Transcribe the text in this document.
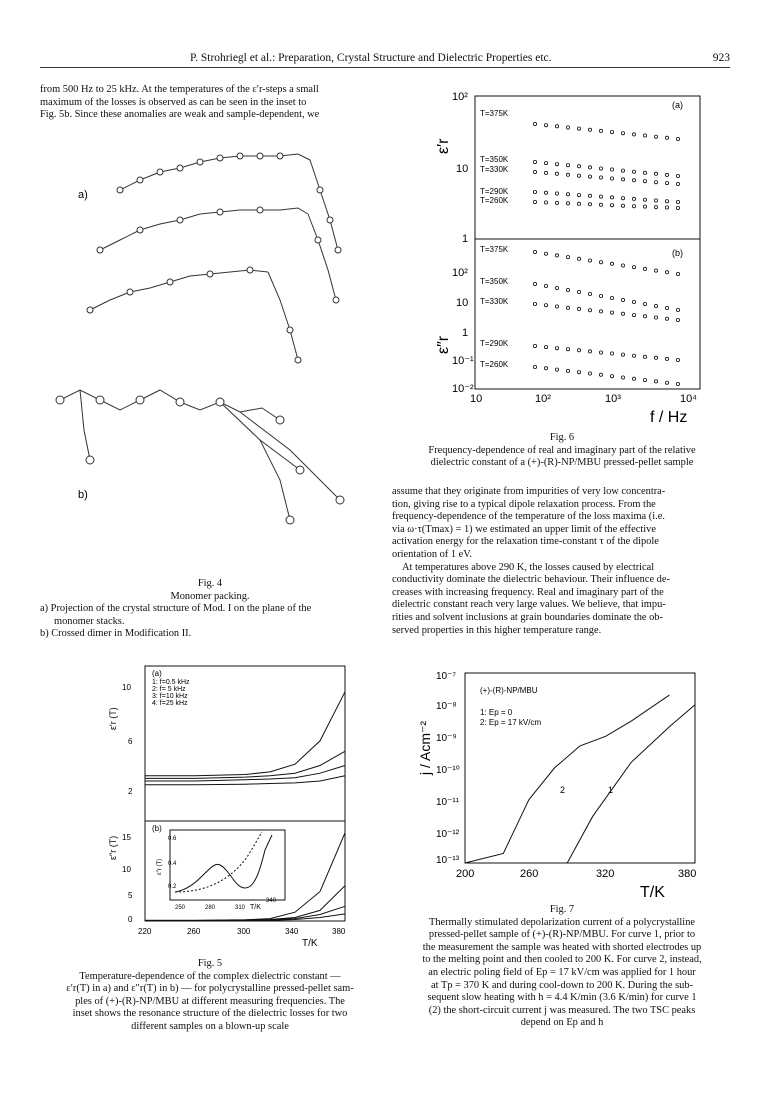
P. Strohriegl et al.: Preparation, Crystal Structure and Dielectric Properties etc.	923

from 500 Hz to 25 kHz. At the temperatures of the ε′r-steps a small

maximum of the losses is observed as can be seen in the inset to

Fig. 5b. Since these anomalies are weak and sample-dependent, we

a)
b)
Fig. 4
Monomer packing.
a) Projection of the crystal structure of Mod. I on the plane of the
monomer stacks.
b) Crossed dimer in Modification II.
(a)
1: f=0.5 kHz
2: f= 5 kHz
3: f=10 kHz
4: f=25 kHz
10
6
2
15
10
5
0
ε′r (T)
ε″r (T)
(b)
0.6
0.4
0.2
250	280	310
340
T/K
ε″r (T)
220	260	300	340	380
T/K
Fig. 5
Temperature-dependence of the complex dielectric constant —
ε′r(T) in a) and ε″r(T) in b) — for polycrystalline pressed-pellet sam-
ples of (+)-(R)-NP/MBU at different measuring frequencies. The
inset shows the resonance structure of the dielectric losses for two
different samples on a blown-up scale
10²
10
1
ε′r
(a)
T=375K
T=350K
T=330K
T=290K
T=260K
10²
10
1
10⁻¹
10⁻²
ε″r
(b)
T=375K
T=350K
T=330K
T=290K
T=260K
10	10²	10³	10⁴
f / Hz
Fig. 6
Frequency-dependence of real and imaginary part of the relative
dielectric constant of a (+)-(R)-NP/MBU pressed-pellet sample

assume that they originate from impurities of very low concentra-

tion, giving rise to a typical dipole relaxation process. From the

frequency-dependence of the temperature of the loss maxima (i.e.

via ω·τ(Tmax) = 1) we estimated an upper limit of the effective

activation energy for the relaxation time-constant τ of the dipole

orientation of 1 eV.

At temperatures above 290 K, the losses caused by electrical

conductivity dominate the dielectric behaviour. Their influence de-

creases with increasing frequency. Real and imaginary part of the

dielectric constant reach very large values. We believe, that impu-

rities and solvent inclusions at grain boundaries dominate the ob-

served properties in this higher temperature range.

10⁻⁷
10⁻⁸
10⁻⁹
10⁻¹⁰
10⁻¹¹
10⁻¹²
10⁻¹³
j / Acm⁻²
(+)-(R)-NP/MBU
1: Ep = 0
2: Ep = 17 kV/cm
1
2
200	260	320	380
T/K
Fig. 7
Thermally stimulated depolarization current of a polycrystalline
pressed-pellet sample of (+)-(R)-NP/MBU. For curve 1, prior to
the measurement the sample was heated with shorted electrodes up
to the melting point and then cooled to 200 K. For curve 2, instead,
an electric poling field of Ep = 17 kV/cm was applied for 1 hour
at Tp = 370 K and during cool-down to 200 K. During the sub-
sequent slow heating with h = 4.4 K/min (3.6 K/min) for curve 1
(2) the short-circuit current j was measured. The two TSC peaks
depend on Ep and h
